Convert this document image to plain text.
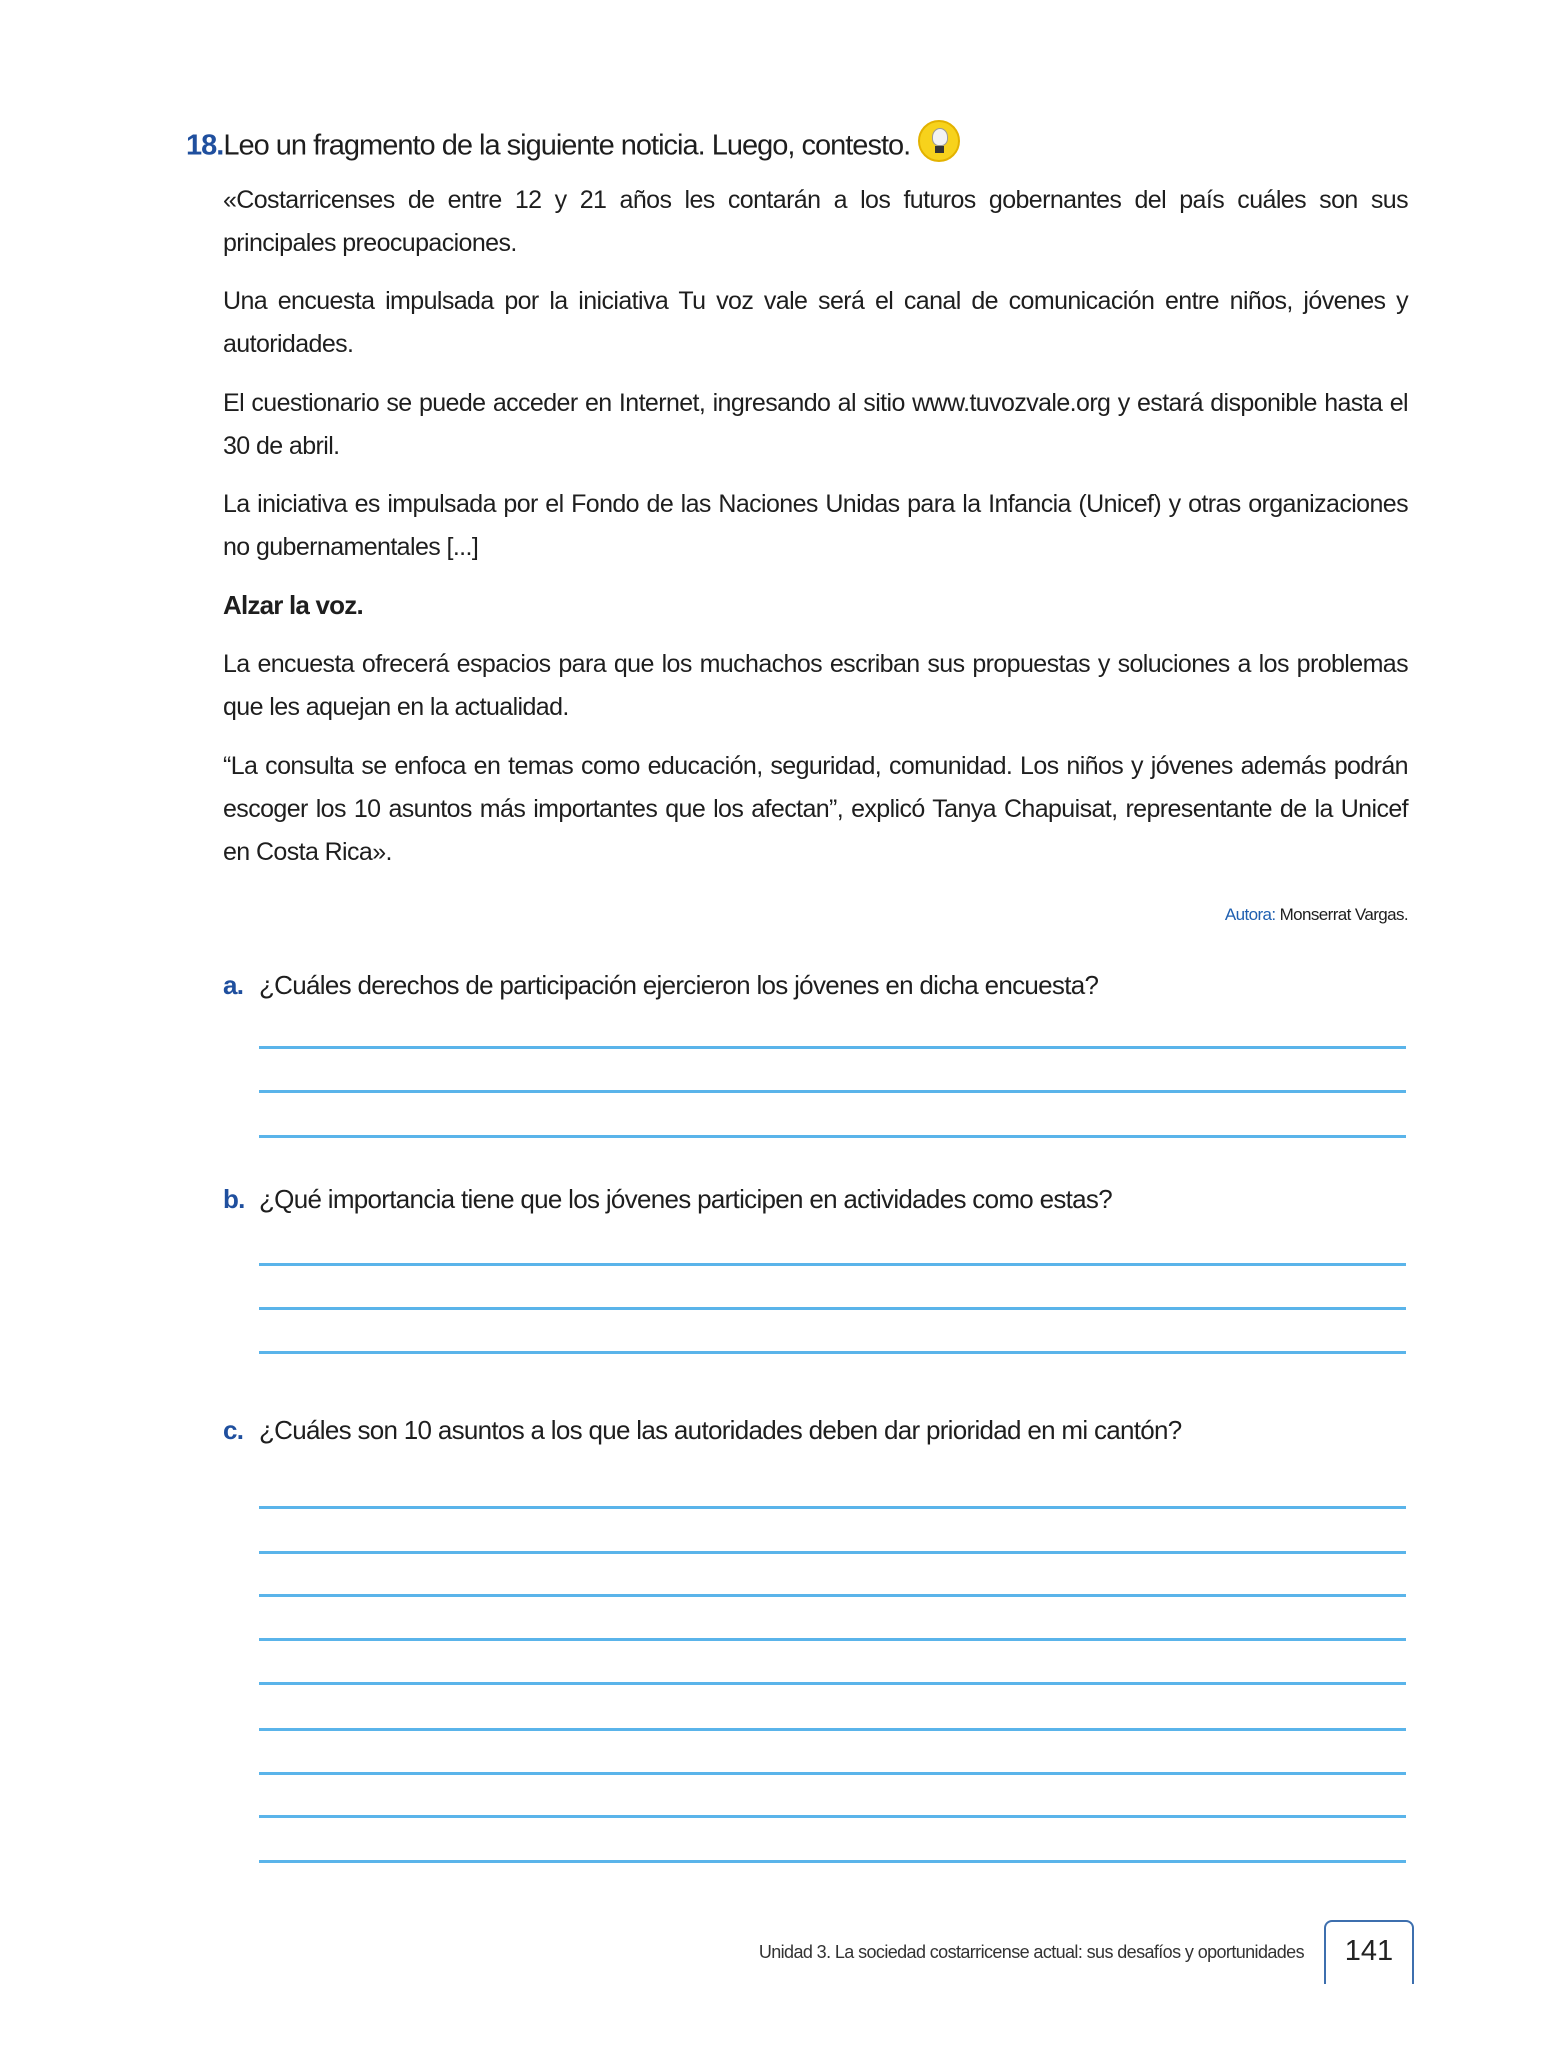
18.Leo un fragmento de la siguiente noticia. Luego, contesto.
«Costarricenses de entre 12 y 21 años les contarán a los futuros gobernantes del país cuáles son sus principales preocupaciones.
Una encuesta impulsada por la iniciativa Tu voz vale será el canal de comunicación entre niños, jóvenes y autoridades.
El cuestionario se puede acceder en Internet, ingresando al sitio www.tuvozvale.org y estará disponible hasta el 30 de abril.
La iniciativa es impulsada por el Fondo de las Naciones Unidas para la Infancia (Unicef) y otras organizaciones no gubernamentales [...]
Alzar la voz.
La encuesta ofrecerá espacios para que los muchachos escriban sus propuestas y soluciones a los problemas que les aquejan en la actualidad.
“La consulta se enfoca en temas como educación, seguridad, comunidad. Los niños y jóvenes además podrán escoger los 10 asuntos más importantes que los afectan”, explicó Tanya Chapuisat, representante de la Unicef en Costa Rica».
Autora: Monserrat Vargas.
a. ¿Cuáles derechos de participación ejercieron los jóvenes en dicha encuesta?
b. ¿Qué importancia tiene que los jóvenes participen en actividades como estas?
c. ¿Cuáles son 10 asuntos a los que las autoridades deben dar prioridad en mi cantón?
Unidad 3. La sociedad costarricense actual: sus desafíos y oportunidades	141
